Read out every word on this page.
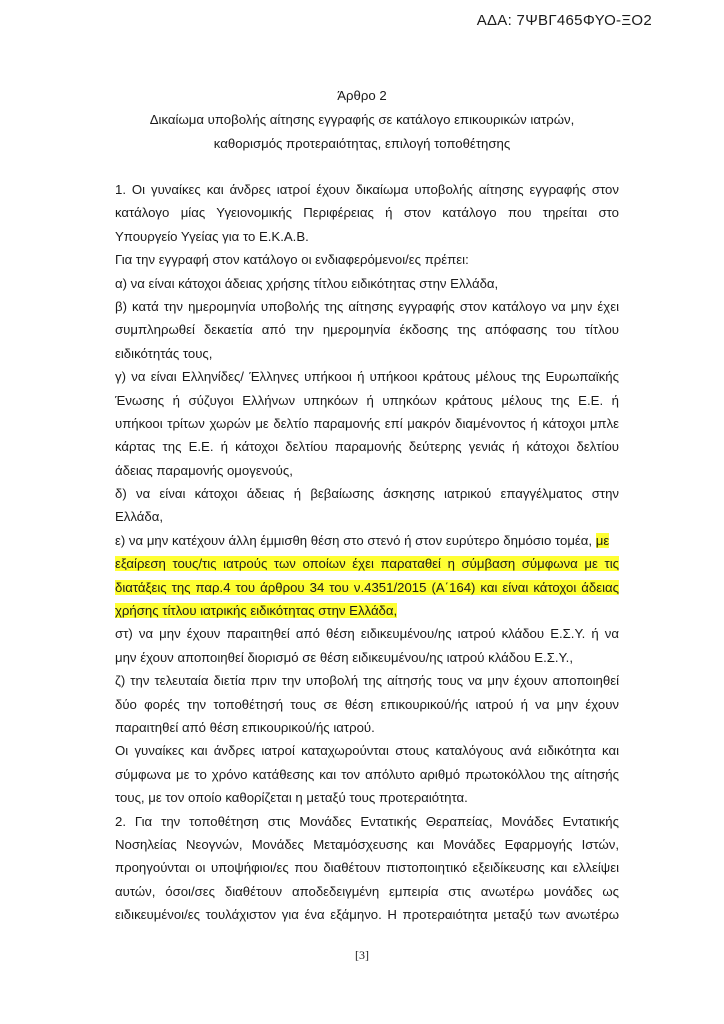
ΑΔΑ: 7ΨΒΓ465ΦΥΟ-ΞΟ2
Άρθρο 2
Δικαίωμα υποβολής αίτησης εγγραφής σε κατάλογο επικουρικών ιατρών,
καθορισμός προτεραιότητας, επιλογή τοποθέτησης
1. Οι γυναίκες και άνδρες ιατροί έχουν δικαίωμα υποβολής αίτησης εγγραφής στον
κατάλογο μίας Υγειονομικής Περιφέρειας ή στον κατάλογο που τηρείται στο
Υπουργείο Υγείας για το Ε.Κ.Α.Β.
Για την εγγραφή στον κατάλογο οι ενδιαφερόμενοι/ες πρέπει:
α) να είναι κάτοχοι άδειας χρήσης τίτλου ειδικότητας στην Ελλάδα,
β) κατά την ημερομηνία υποβολής της αίτησης εγγραφής στον κατάλογο να μην έχει
συμπληρωθεί δεκαετία από την ημερομηνία έκδοσης της απόφασης του τίτλου
ειδικότητάς τους,
γ) να είναι Ελληνίδες/ Έλληνες υπήκοοι ή υπήκοοι κράτους μέλους της Ευρωπαϊκής
Ένωσης ή σύζυγοι Ελλήνων υπηκόων ή υπηκόων κράτους μέλους της Ε.Ε. ή
υπήκοοι τρίτων χωρών με δελτίο παραμονής επί μακρόν διαμένοντος ή κάτοχοι μπλε
κάρτας της Ε.Ε. ή κάτοχοι δελτίου παραμονής δεύτερης γενιάς ή κάτοχοι δελτίου
άδειας παραμονής ομογενούς,
δ) να είναι κάτοχοι άδειας ή βεβαίωσης άσκησης ιατρικού επαγγέλματος στην
Ελλάδα,
ε) να μην κατέχουν άλλη έμμισθη θέση στο στενό ή στον ευρύτερο δημόσιο τομέα, με
εξαίρεση τους/τις ιατρούς των οποίων έχει παραταθεί η σύμβαση σύμφωνα με τις
διατάξεις της παρ.4 του άρθρου 34 του ν.4351/2015 (Α΄164) και είναι κάτοχοι άδειας
χρήσης τίτλου ιατρικής ειδικότητας στην Ελλάδα,
στ) να μην έχουν παραιτηθεί από θέση ειδικευμένου/ης ιατρού κλάδου Ε.Σ.Υ. ή να
μην έχουν αποποιηθεί διορισμό σε θέση ειδικευμένου/ης ιατρού κλάδου Ε.Σ.Υ.,
ζ) την τελευταία διετία πριν την υποβολή της αίτησής τους να μην έχουν αποποιηθεί
δύο φορές την τοποθέτησή τους σε θέση επικουρικού/ής ιατρού ή να μην έχουν
παραιτηθεί από θέση επικουρικού/ής ιατρού.
Οι γυναίκες και άνδρες ιατροί καταχωρούνται στους καταλόγους ανά ειδικότητα και
σύμφωνα με το χρόνο κατάθεσης και τον απόλυτο αριθμό πρωτοκόλλου της αίτησής
τους, με τον οποίο καθορίζεται η μεταξύ τους προτεραιότητα.
2. Για την τοποθέτηση στις Μονάδες Εντατικής Θεραπείας, Μονάδες Εντατικής
Νοσηλείας Νεογνών, Μονάδες Μεταμόσχευσης και Μονάδες Εφαρμογής Ιστών,
προηγούνται οι υποψήφιοι/ες που διαθέτουν πιστοποιητικό εξειδίκευσης και ελλείψει
αυτών, όσοι/σες διαθέτουν αποδεδειγμένη εμπειρία στις ανωτέρω μονάδες ως
ειδικευμένοι/ες τουλάχιστον για ένα εξάμηνο. Η προτεραιότητα μεταξύ των ανωτέρω
[3]
